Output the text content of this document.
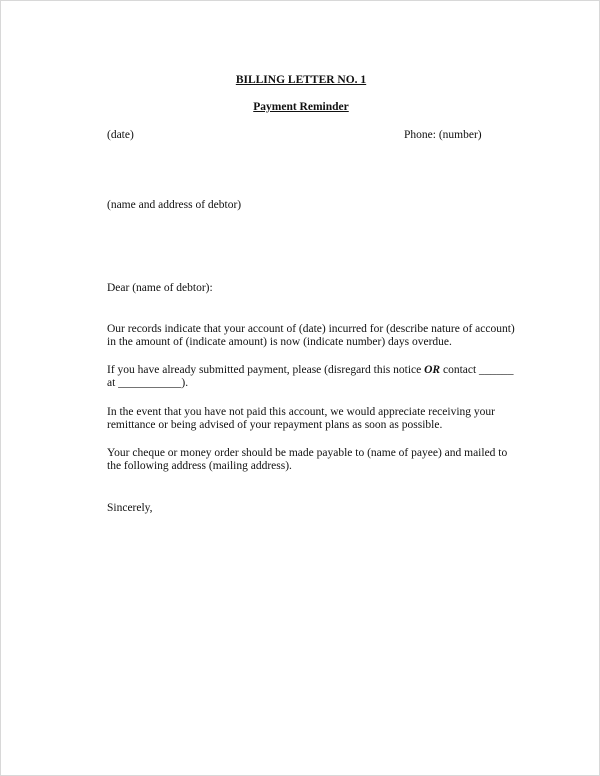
BILLING LETTER NO. 1
Payment Reminder
(date)	Phone: (number)
(name and address of debtor)
Dear (name of debtor):
Our records indicate that your account of (date) incurred for (describe nature of account)
in the amount of (indicate amount) is now (indicate number) days overdue.
If you have already submitted payment, please (disregard this notice OR contact ______
at ___________).
In the event that you have not paid this account, we would appreciate receiving your
remittance or being advised of your repayment plans as soon as possible.
Your cheque or money order should be made payable to (name of payee) and mailed to
the following address (mailing address).
Sincerely,
